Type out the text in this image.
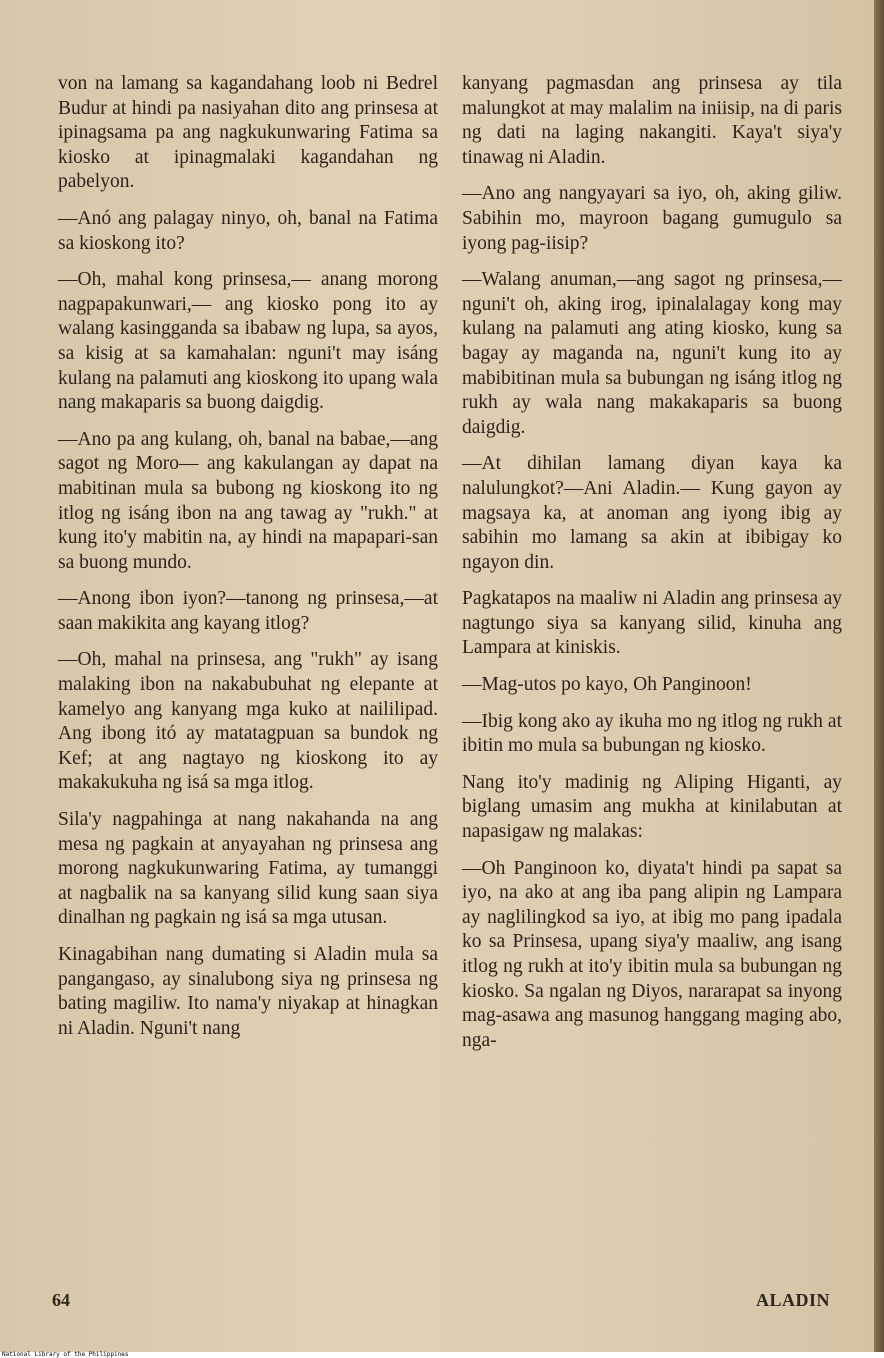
von na lamang sa kagandahang loob ni Bedrel Budur at hindi pa nasiyahan dito ang prinsesa at ipinagsama pa ang nagkukunwaring Fatima sa kiosko at ipinagmalaki kagandahan ng pabelyon.

—Anó ang palagay ninyo, oh, banal na Fatima sa kioskong ito?

—Oh, mahal kong prinsesa,— anang morong nagpapakunwari,— ang kiosko pong ito ay walang kasingganda sa ibabaw ng lupa, sa ayos, sa kisig at sa kamahalan: nguni't may isáng kulang na palamuti ang kioskong ito upang wala nang makaparis sa buong daigdig.

—Ano pa ang kulang, oh, banal na babae,—ang sagot ng Moro— ang kakulangan ay dapat na mabitinan mula sa bubong ng kioskong ito ng itlog ng isáng ibon na ang tawag ay "rukh." at kung ito'y mabitin na, ay hindi na mapapari-san sa buong mundo.

—Anong ibon iyon?—tanong ng prinsesa,—at saan makikita ang kayang itlog?

—Oh, mahal na prinsesa, ang "rukh" ay isang malaking ibon na nakabubuhat ng elepante at kamelyo ang kanyang mga kuko at naililipad. Ang ibong itó ay matatagpuan sa bundok ng Kef; at ang nagtayo ng kioskong ito ay makakukuha ng isá sa mga itlog.

Sila'y nagpahinga at nang nakahanda na ang mesa ng pagkain at anyayahan ng prinsesa ang morong nagkukunwaring Fatima, ay tumanggi at nagbalik na sa kanyang silid kung saan siya dinalhan ng pagkain ng isá sa mga utusan.

Kinagabihan nang dumating si Aladin mula sa pangangaso, ay sinalubong siya ng prinsesa ng bating magiliw. Ito nama'y niyakap at hinagkan ni Aladin. Nguni't nang

kanyang pagmasdan ang prinsesa ay tila malungkot at may malalim na iniisip, na di paris ng dati na laging nakangiti. Kaya't siya'y tinawag ni Aladin.

—Ano ang nangyayari sa iyo, oh, aking giliw. Sabihin mo, mayroon bagang gumugulo sa iyong pag-iisip?

—Walang anuman,—ang sagot ng prinsesa,—nguni't oh, aking irog, ipinalalagay kong may kulang na palamuti ang ating kiosko, kung sa bagay ay maganda na, nguni't kung ito ay mabibitinan mula sa bubungan ng isáng itlog ng rukh ay wala nang makakaparis sa buong daigdig.

—At dihilan lamang diyan kaya ka nalulungkot?—Ani Aladin.— Kung gayon ay magsaya ka, at anoman ang iyong ibig ay sabihin mo lamang sa akin at ibibigay ko ngayon din.

Pagkatapos na maaliw ni Aladin ang prinsesa ay nagtungo siya sa kanyang silid, kinuha ang Lampara at kiniskis.

—Mag-utos po kayo, Oh Panginoon!

—Ibig kong ako ay ikuha mo ng itlog ng rukh at ibitin mo mula sa bubungan ng kiosko.

Nang ito'y madinig ng Aliping Higanti, ay biglang umasim ang mukha at kinilabutan at napasigaw ng malakas:

—Oh Panginoon ko, diyata't hindi pa sapat sa iyo, na ako at ang iba pang alipin ng Lampara ay naglilingkod sa iyo, at ibig mo pang ipadala ko sa Prinsesa, upang siya'y maaliw, ang isang itlog ng rukh at ito'y ibitin mula sa bubungan ng kiosko. Sa ngalan ng Diyos, nararapat sa inyong mag-asawa ang masunog hanggang maging abo, nga-

64	ALADIN
National Library of the Philippines
